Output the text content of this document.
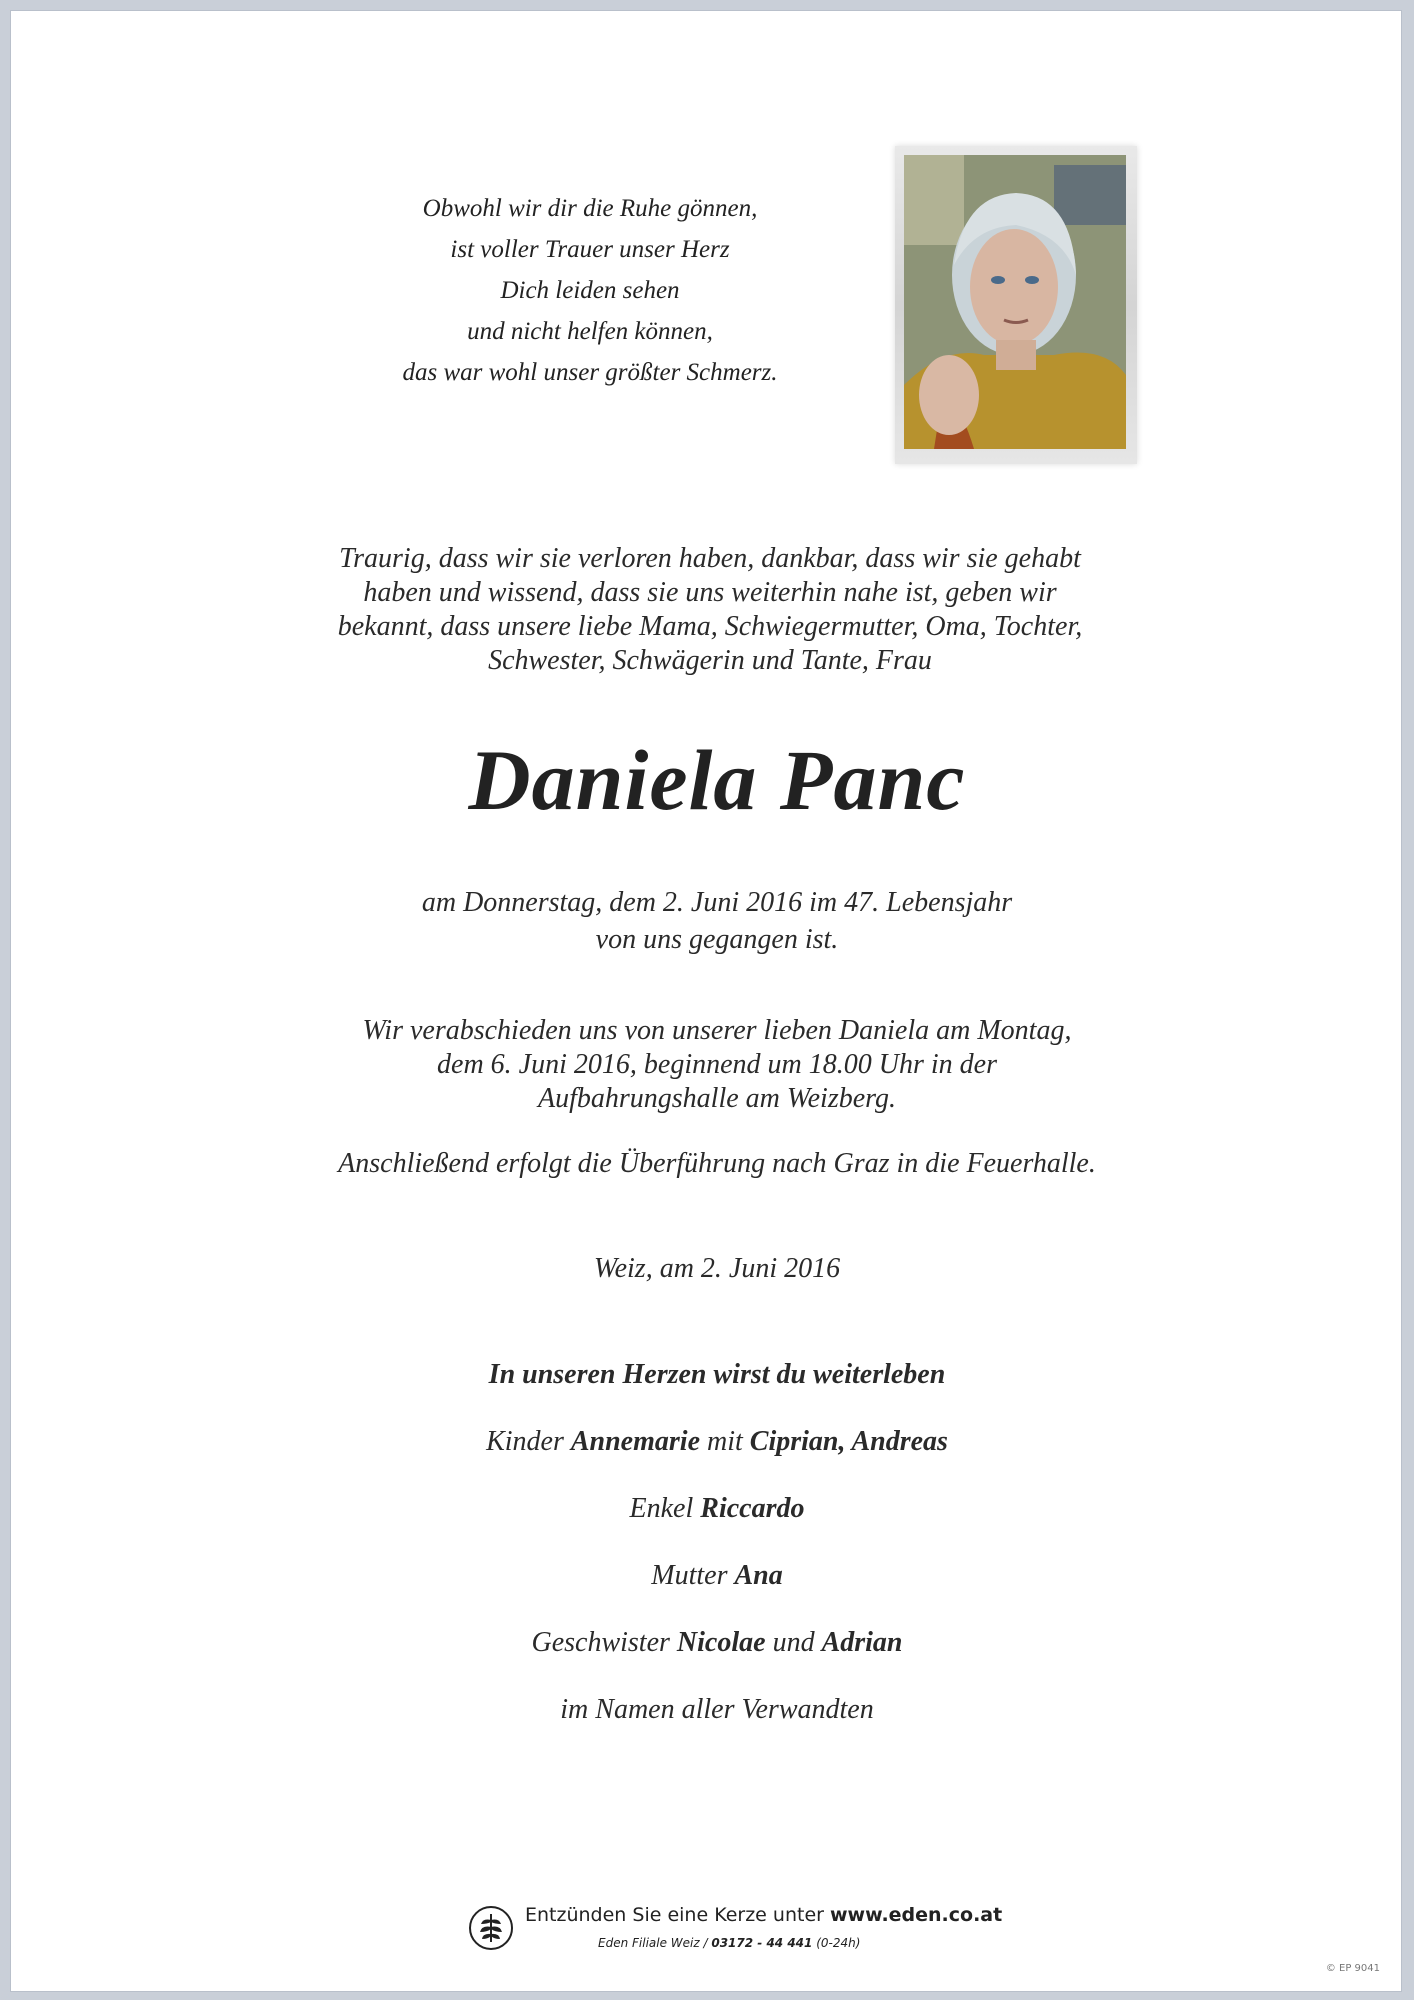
Obwohl wir dir die Ruhe gönnen,
ist voller Trauer unser Herz
Dich leiden sehen
und nicht helfen können,
das war wohl unser größter Schmerz.
Traurig, dass wir sie verloren haben, dankbar, dass wir sie gehabt
haben und wissend, dass sie uns weiterhin nahe ist, geben wir
bekannt, dass unsere liebe Mama, Schwiegermutter, Oma, Tochter,
Schwester, Schwägerin und Tante, Frau
Daniela Panc
am Donnerstag, dem 2. Juni 2016 im 47. Lebensjahr
von uns gegangen ist.
Wir verabschieden uns von unserer lieben Daniela am Montag,
dem 6. Juni 2016, beginnend um 18.00 Uhr in der
Aufbahrungshalle am Weizberg.
Anschließend erfolgt die Überführung nach Graz in die Feuerhalle.
Weiz, am 2. Juni 2016
In unseren Herzen wirst du weiterleben
Kinder Annemarie mit Ciprian, Andreas
Enkel Riccardo
Mutter Ana
Geschwister Nicolae und Adrian
im Namen aller Verwandten
Entzünden Sie eine Kerze unter www.eden.co.at
Eden Filiale Weiz / 03172 - 44 441 (0-24h)
© EP 9041
